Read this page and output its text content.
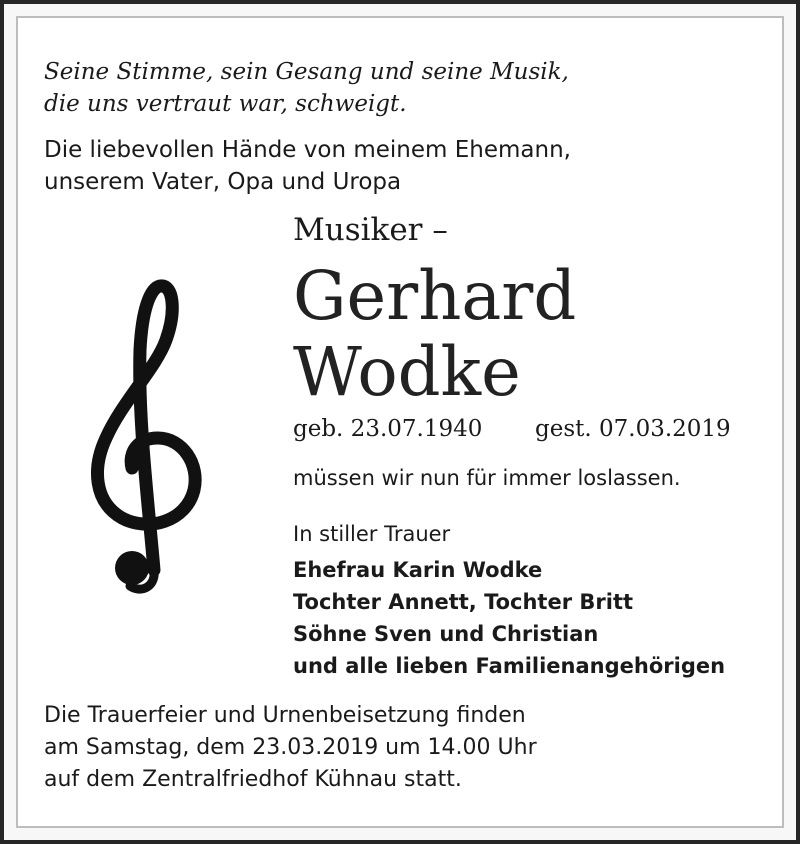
Seine Stimme, sein Gesang und seine Musik,
die uns vertraut war, schweigt.
Die liebevollen Hände von meinem Ehemann,
unserem Vater, Opa und Uropa
Musiker –
Gerhard
Wodke
geb. 23.07.1940 gest. 07.03.2019
müssen wir nun für immer loslassen.
In stiller Trauer
Ehefrau Karin Wodke
Tochter Annett, Tochter Britt
Söhne Sven und Christian
und alle lieben Familienangehörigen
Die Trauerfeier und Urnenbeisetzung finden
am Samstag, dem 23.03.2019 um 14.00 Uhr
auf dem Zentralfriedhof Kühnau statt.
